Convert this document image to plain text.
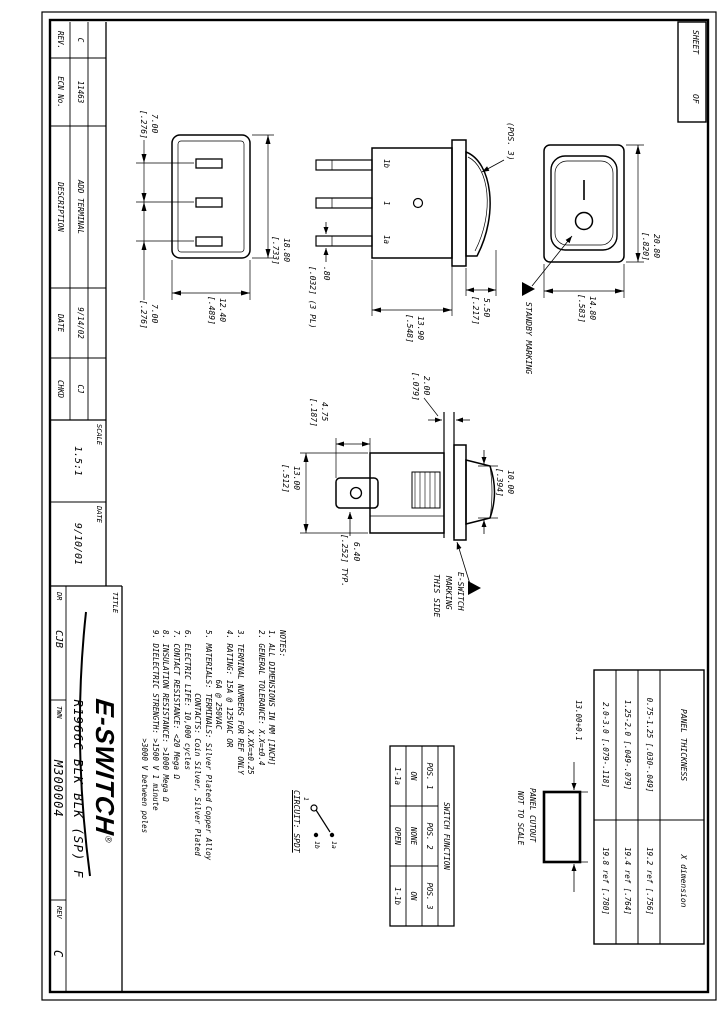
SHEET
OF
PANEL THICKNESS
X dimension
0.75-1.25 [.030-.049]
19.2 ref [.756]
1.25-2.0 [.049-.079]
19.4 ref [.764]
2.0-3.0 [.079-.118]
19.8 ref [.780]
13.00+0.1
PANEL CUTOUT
NOT TO SCALE
20.80
[.820]
14.80
[.583]
STANDBY MARKING
(POS. 3)
1b
1
1a
5.50
[.217]
13.90
[.548]
.80
[.032] (3 PL)
7.00
[.276]
7.00
[.276]
18.80
[.733]
12.40
[.489]
2.00
[.079]
10.00
[.394]
4.75
[.187]
13.00
[.512]
6.40
[.252] TYP.
E-SWITCH
MARKING
THIS SIDE
NOTES:
1. ALL DIMENSIONS IN MM [INCH]
2. GENERAL TOLERANCE: X.X=±0.4
X.XX=±0.25
3. TERMINAL NUMBERS FOR REF ONLY
4. RATING: 15A @ 125VAC OR
6A @ 250VAC
5. MATERIALS: TERMINALS: Silver Plated Copper Alloy
CONTACTS: Coin Silver, Silver Plated
6. ELECTRIC LIFE: 10,000 cycles
7. CONTACT RESISTANCE: <20 Mega Ω
8. INSULATION RESISTANCE: >1000 Mega Ω
9. DIELECTRIC STRENGTH: >1500 V 1 minute
>3000 V between poles
SWITCH FUNCTION
POS. 1
POS. 2
POS. 3
ON
NONE
ON
1-1a
OPEN
1-1b
1a
1b
1
CIRCUIT: SPDT
C
11463
ADD TERMINAL
9/14/02
CJ
REV.
ECN No.
DESCRIPTION
DATE
CHKD
SCALE
1.5:1
DATE
9/10/01
TITLE
E-SWITCH®
R1966C BLK BLK (SP) F
DR
CJB
TWN
M300004
REV
C
